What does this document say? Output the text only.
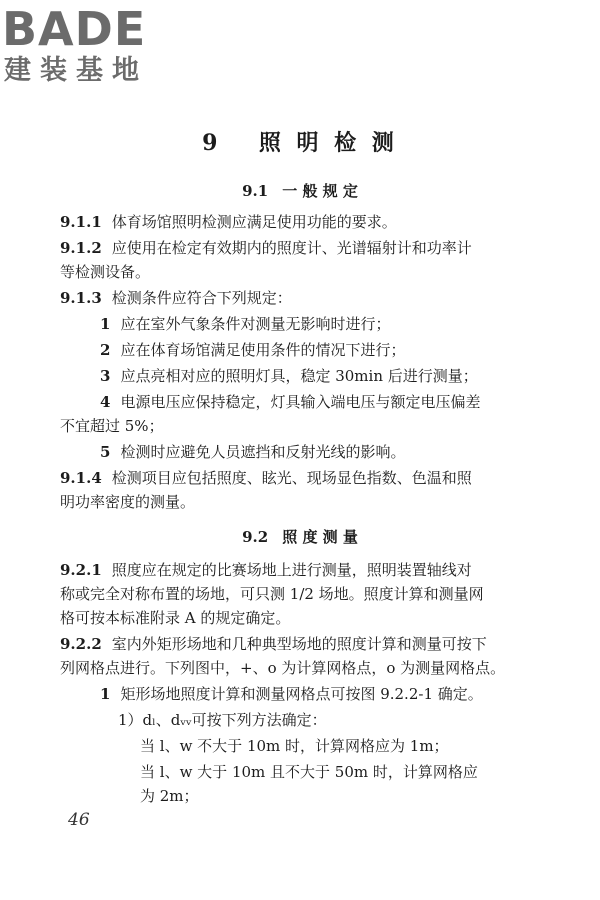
BADE
建装基地
9 照 明 检 测
9.1 一 般 规 定
9.1.1 体育场馆照明检测应满足使用功能的要求。
9.1.2 应使用在检定有效期内的照度计、光谱辐射计和功率计
等检测设备。
9.1.3 检测条件应符合下列规定：
1 应在室外气象条件对测量无影响时进行；
2 应在体育场馆满足使用条件的情况下进行；
3 应点亮相对应的照明灯具，稳定 30min 后进行测量；
4 电源电压应保持稳定，灯具输入端电压与额定电压偏差
不宜超过 5%；
5 检测时应避免人员遮挡和反射光线的影响。
9.1.4 检测项目应包括照度、眩光、现场显色指数、色温和照
明功率密度的测量。
9.2 照 度 测 量
9.2.1 照度应在规定的比赛场地上进行测量，照明装置轴线对
称或完全对称布置的场地，可只测 1/2 场地。照度计算和测量网
格可按本标准附录 A 的规定确定。
9.2.2 室内外矩形场地和几种典型场地的照度计算和测量可按下
列网格点进行。下列图中，+、o 为计算网格点，o 为测量网格点。
1 矩形场地照度计算和测量网格点可按图 9.2.2-1 确定。
1）dₗ、dᵥᵥ可按下列方法确定：
当 l、w 不大于 10m 时，计算网格应为 1m；
当 l、w 大于 10m 且不大于 50m 时，计算网格应
为 2m；
46
